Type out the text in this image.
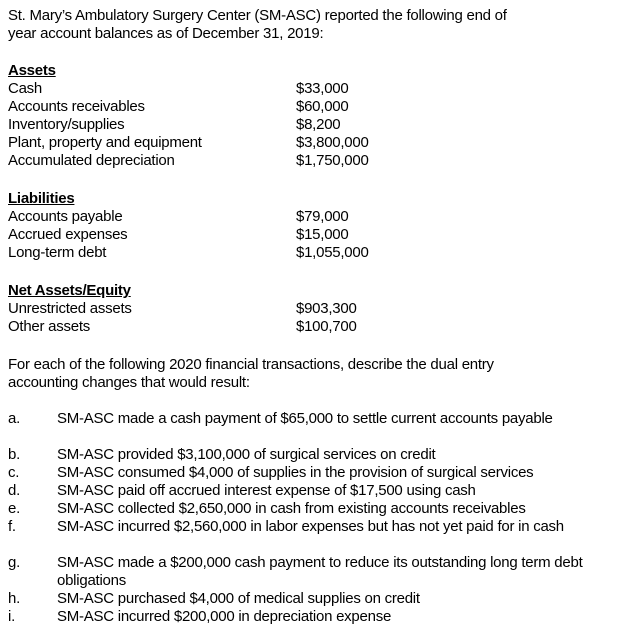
St. Mary’s Ambulatory Surgery Center (SM-ASC) reported the following end of
year account balances as of December 31, 2019:
Assets
Liabilities
Net Assets/Equity
For each of the following 2020 financial transactions, describe the dual entry
accounting changes that would result:
Cash	$33,000
Accounts receivables	$60,000
Inventory/supplies	$8,200
Plant, property and equipment	$3,800,000
Accumulated depreciation	$1,750,000
Accounts payable	$79,000
Accrued expenses	$15,000
Long-term debt	$1,055,000
Unrestricted assets	$903,300
Other assets	$100,700
a. SM-ASC made a cash payment of $65,000 to settle current accounts payable
b. SM-ASC provided $3,100,000 of surgical services on credit
c.	SM-ASC consumed $4,000 of supplies in the provision of surgical services
d. SM-ASC paid off accrued interest expense of $17,500 using cash
e. SM-ASC collected $2,650,000 in cash from existing accounts receivables
f.	SM-ASC incurred $2,560,000 in labor expenses but has not yet paid for in cash
g. SM-ASC made a $200,000 cash payment to reduce its outstanding long term debt obligations
h. SM-ASC purchased $4,000 of medical supplies on credit
i.	SM-ASC incurred $200,000 in depreciation expense
